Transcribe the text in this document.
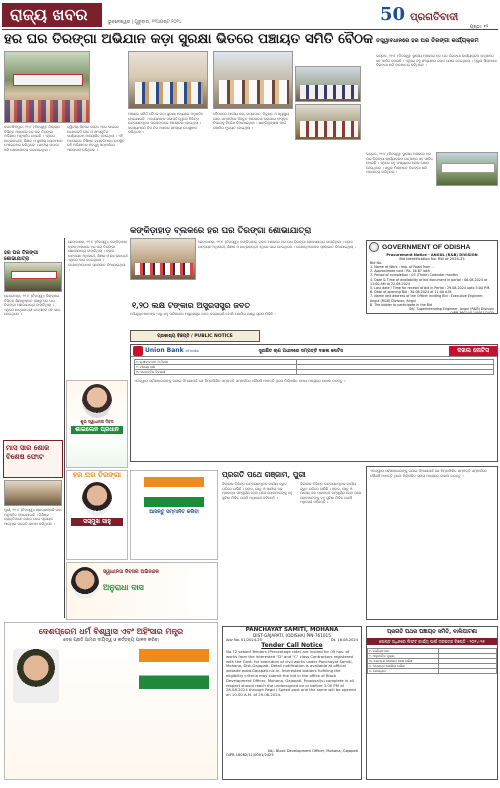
ରାଜ୍ୟ ଖବର	ଭୁବନେଶ୍ୱର | ଗୁରୁବାର, ୨୨ଅଗଷ୍ଟ ୨୦୨୪	50 ପ୍ରଗତିବାଦୀ
ପୃଷ୍ଠା: ୧୨
ହର ଘର ତିରଙ୍ଗା ଅଭିଯାନ କଡ଼ା ସୁରକ୍ଷା ଭିତରେ ପଞ୍ଚାୟତ ସମିତି ବୈଠକ
ଜଗତସିଂହପୁର, ୨୧।୮ (ନିଜସ୍ୱ): ଜିଲ୍ଲାର ବିଭିନ୍ନ ଅଞ୍ଚଳରେ ହର ଘର ତିରଙ୍ଗା ଅଭିଯାନ ଅନୁଷ୍ଠିତ ହୋଇଛି । ଏଥିରେ ଛାତ୍ରଛାତ୍ରୀ, ଶିକ୍ଷକ ଓ ସ୍ଥାନୀୟ ଲୋକମାନେ ଅଂଶଗ୍ରହଣ କରିଥିଲେ । ଜାତୀୟ ପତାକା ଧରି ଶୋଭାଯାତ୍ରା କରାଯାଇଥିଲା ।
ଦ୍ୱିତୀୟ ଦିନରେ ଭାରତ ମାତା ଭାଗରେ ଦେଶଭକ୍ତି ଗୀତ ଓ ସାଂସ୍କୃତିକ କାର୍ଯ୍ୟକ୍ରମ ଆୟୋଜିତ ହୋଇଥିଲା । ଏହି ଅବସରରେ ବିଶିଷ୍ଟ ବ୍ୟକ୍ତିମାନେ ଉପସ୍ଥିତ ରହି ଅଭିଯାନର ମହତ୍ତ୍ୱ ସମ୍ପର୍କରେ ଆଲୋଚନା କରିଥିଲେ ।
ପଞ୍ଚାୟତ ସମିତି ବୈଠକ କଡ଼ା ସୁରକ୍ଷା ମଧ୍ୟରେ ଅନୁଷ୍ଠିତ ହୋଇଯାଇଛି । ଅଧ୍ୟକ୍ଷଙ୍କ ସଭାପତିତ୍ୱରେ ବିଭିନ୍ନ ଉନ୍ନୟନମୂଳକ ପ୍ରସଙ୍ଗରେ ଆଲୋଚନା ହୋଇଥିଲା । ସଦସ୍ୟମାନେ ନିଜ ନିଜ ଅଞ୍ଚଳର ସମସ୍ୟା ଉପସ୍ଥାପନ କରିଥିଲେ ।
ବୈଠକରେ ପାନୀୟ ଜଳ, ରାସ୍ତାଘାଟ, ବିଦ୍ୟୁତ ଓ ସ୍ୱାସ୍ଥ୍ୟ ସେବା ସମ୍ପର୍କରେ ବିସ୍ତୃତ ଆଲୋଚନା କରାଯାଇ ସଂପୃକ୍ତ ବିଭାଗକୁ ନିର୍ଦ୍ଦେଶ ଦିଆଯାଇଥିଲା । ଶାନ୍ତିଶୃଙ୍ଖଳା ପାଇଁ ପୋଲିସ ମୁତୟନ ହୋଇଥିଲା ।
ତତ୍ତ୍ୱାବଧାନରେ ହର ଘର ତିରଙ୍ଗା କାର୍ଯ୍ୟକ୍ରମ
ଭଦ୍ରକ, ୨୧।୮ (ନିଜସ୍ୱ): ସ୍ଥାନୀୟ ଅଞ୍ଚଳରେ ହର ଘର ତିରଙ୍ଗା କାର୍ଯ୍ୟକ୍ରମ ଉତ୍ସାହର ସହ ପାଳିତ ହୋଇଛି । ଏଥିରେ ବହୁ ସଂଖ୍ୟାରେ ଲୋକ ଯୋଗ ଦେଇଥିଲେ । ସ୍କୁଲ ପିଲାମାନେ ତିରଙ୍ଗା ଧରି ପଦଯାତ୍ରା କରିଥିଲେ ।
ଭଦ୍ରକ, ୨୧।୮ (ନିଜସ୍ୱ): ସ୍ଥାନୀୟ ଅଞ୍ଚଳରେ ହର ଘର ତିରଙ୍ଗା କାର୍ଯ୍ୟକ୍ରମ ଉତ୍ସାହର ସହ ପାଳିତ ହୋଇଛି । ଏଥିରେ ବହୁ ସଂଖ୍ୟାରେ ଲୋକ ଯୋଗ ଦେଇଥିଲେ । ସ୍କୁଲ ପିଲାମାନେ ତିରଙ୍ଗା ଧରି ପଦଯାତ୍ରା କରିଥିଲେ ।
GOVERNMENT OF ODISHA
Procurement Notice - ANGUL (R&B) DIVISION
Bid Identification No. RW of 2024-25
Bid No.
1. Name of Work : Imp. of Road from ...
2. Approximate cost : Rs. 16.67 lakh
3. Period of completion : 03 (Three) Calendar months
4. Date & Time of availability of bid document in portal : 08.08.2024 at 11:00 AM to 22.08.2024
5. Last date / Time for receipt of bid in Portal : 29.08.2024 upto 5:00 P.M.
6. Date of opening Bid : 30.08.2024 at 11:00 A.M.
7. Name and address of the Officer Inviting Bid : Executive Engineer, Angul (R&B) Division, Angul
8. The bidder to participate in the Bid
Sd/- Superintending Engineer, Angul (R&B) Division
OIPR-36024/11/0001/2425
ହର ଘର ତିରଙ୍ଗା ଶୋଭାଯାତ୍ରା
କେନ୍ଦ୍ରାପଡ଼ା, ୨୧।୮ (ନିଜସ୍ୱ): ଜିଲ୍ଲାରେ ବିଭିନ୍ନ ଶିକ୍ଷାନୁଷ୍ଠାନ ପକ୍ଷରୁ ହର ଘର ତିରଙ୍ଗା ଶୋଭାଯାତ୍ରା ବାହାରିଥିଲା । ଏଥିରେ ଛାତ୍ରଛାତ୍ରୀ ଉତ୍ସାହର ସହ ଭାଗ ନେଇଥିଲେ ।
ମାସ ସାର ଶୋକ ବିଶେଷ ଫୋଟ
ପୁରୀ, ୨୧।୮ (ନିଜସ୍ୱ): ଶ୍ରଦ୍ଧାଞ୍ଜଳି ସଭା ଅନୁଷ୍ଠିତ ହୋଇଯାଇଛି । ବିଶିଷ୍ଟ ବ୍ୟକ୍ତିମାନେ ଯୋଗ ଦେଇ ପ୍ରୟାତ ଆତ୍ମାର ସଦଗତି କାମନା କରିଥିଲେ ।
କଙ୍କିଡ଼ାହାଡ଼ ବ୍ଲକରେ ହର ଘର ତିରଙ୍ଗା ଶୋଭାଯାତ୍ରା
ଢେଙ୍କାନାଳ, ୨୧।୮ (ନିଜସ୍ୱ): କଙ୍କିଡ଼ାହାଡ଼ ବ୍ଲକ ଅଞ୍ଚଳରେ ହର ଘର ତିରଙ୍ଗା ଶୋଭାଯାତ୍ରା ବାହାରିଥିଲା । ବ୍ଲକ ଉନ୍ନୟନ ଅଧିକାରୀ, ଶିକ୍ଷକ ଓ ଛାତ୍ରଛାତ୍ରୀ ଏଥିରେ ଭାଗ ନେଇଥିଲେ । ଦେଶାତ୍ମବୋଧକ ସ୍ଲୋଗାନ ଦିଆଯାଇଥିଲା ।
ଢେଙ୍କାନାଳ, ୨୧।୮ (ନିଜସ୍ୱ): କଙ୍କିଡ଼ାହାଡ଼ ବ୍ଲକ ଅଞ୍ଚଳରେ ହର ଘର ତିରଙ୍ଗା ଶୋଭାଯାତ୍ରା ବାହାରିଥିଲା । ବ୍ଲକ ଉନ୍ନୟନ ଅଧିକାରୀ, ଶିକ୍ଷକ ଓ ଛାତ୍ରଛାତ୍ରୀ ଏଥିରେ ଭାଗ ନେଇଥିଲେ । ଦେଶାତ୍ମବୋଧକ ସ୍ଲୋଗାନ ଦିଆଯାଇଥିଲା ।
୧,୨୦ ଲକ୍ଷ ଟଙ୍କାର ଅସ୍ତ୍ରସସ୍ତ୍ର ଜବତ
ଅଭିଯୁକ୍ତମାନଙ୍କ ଠାରୁ ବହୁ ପରିମାଣର ଅସ୍ତ୍ରସସ୍ତ୍ର ଜବତ କରାଯାଇଛି ବୋଲି ପୋଲିସ ପକ୍ଷରୁ ସୂଚନା ମିଳିଛି ।
Union Bank of India	ସୁରକ୍ଷିତ ଋଣ ଅଧୀନରେ ସମ୍ପତ୍ତି ଦଖଲ ନୋଟିସ	ଦଖଲ ନୋଟିସ
୧. ଋଣୀଙ୍କ ନାମ ଓ ଠିକଣା	
୨. ବକେୟା ରାଶି	
୩. ସମ୍ପତ୍ତିର ବିବରଣୀ	
ଏତଦ୍ୱାରା ସର୍ବସାଧାରଣଙ୍କୁ ଜଣାଇ ଦିଆଯାଉଛି ଯେ ନିମ୍ନଲିଖିତ ସମ୍ପତ୍ତି ସମ୍ପର୍କରେ କୌଣସି ଆପତ୍ତି ଥିଲେ ନିର୍ଦ୍ଧାରିତ ସମୟ ମଧ୍ୟରେ ଦାଖଲ କରନ୍ତୁ ।
ପ୍ରକାଶ୍ୟ ବିଜ୍ଞପ୍ତି / PUBLIC NOTICE
ଶୁଭ ସ୍ୱାଧୀନତା ଦିବସ
ଶାଇଲେନ ପ୍ରଧାନ
ହର ଘର ତିରଙ୍ଗା
ସସ୍ମୁଖ ସାହୁ
ଆସନ୍ତୁ ସମ୍ମାନିତ କରିବା
ସ୍ୱାଧୀନତା ଦିବସର ଅଭିନନ୍ଦନ
ଅନୁରାଧା ଦାସ
ପ୍ରଗତି ପଥେ ଗଞ୍ଜାମ, ପୁରୀ
ଜିଲ୍ଲାର ବିଭିନ୍ନ ଉନ୍ନୟନମୂଳକ କାର୍ଯ୍ୟ ଦ୍ରୁତ ଗତିରେ ଚାଲିଛି । ସଡ଼କ, ସେତୁ ଓ ପାନୀୟ ଜଳ ପ୍ରକଳ୍ପ ସମ୍ପୂର୍ଣ୍ଣ ହେବା ପରେ ଲୋକମାନଙ୍କୁ ବହୁ ସୁବିଧା ମିଳିବ ବୋଲି ଅଧିକାରୀ କହିଛନ୍ତି ।
ଜିଲ୍ଲାର ବିଭିନ୍ନ ଉନ୍ନୟନମୂଳକ କାର୍ଯ୍ୟ ଦ୍ରୁତ ଗତିରେ ଚାଲିଛି । ସଡ଼କ, ସେତୁ ଓ ପାନୀୟ ଜଳ ପ୍ରକଳ୍ପ ସମ୍ପୂର୍ଣ୍ଣ ହେବା ପରେ ଲୋକମାନଙ୍କୁ ବହୁ ସୁବିଧା ମିଳିବ ବୋଲି ଅଧିକାରୀ କହିଛନ୍ତି ।
ଏତଦ୍ୱାରା ସର୍ବସାଧାରଣଙ୍କୁ ଜଣାଇ ଦିଆଯାଉଛି ଯେ ନିମ୍ନଲିଖିତ ସମ୍ପତ୍ତି ସମ୍ପର୍କରେ କୌଣସି ଆପତ୍ତି ଥିଲେ ନିର୍ଦ୍ଧାରିତ ସମୟ ମଧ୍ୟରେ ଦାଖଲ କରନ୍ତୁ ।
ଦେଶପ୍ରେମ ଧର୍ମ ବିଶ୍ୱାସ ଏବଂ ଅହିଂସାର ମନ୍ତ୍ର
ଦେଶ ପ୍ରତି ଆମର ଦାୟିତ୍ୱ ଓ କର୍ତ୍ତବ୍ୟ ପାଳନ କରିବା
PANCHAYAT SAMITI, MOHANA
DIST-GAJAPATI, (ODISHA) PIN-761015
Adv No. 01/2024-25	Dt. 16.08.2024
Tender Call Notice
No.72 sealed Tenders (Percentage rate) are invited for 09 nos. of works from the interested "D" and "C" class Contractors registered with the Govt. for execution of civil works under Panchayat Samiti, Mohana, Dist-Gajapati. Detail notification is available at official website www.Gajapati.nic.in. Interested bidders fulfilling the eligibility criteria may submit the bid in the office of Block Development Officer, Mohana, Gajapati. Proposal(s) complete in all respect should reach the undersigned on or before 3.00 PM of 28.08.2024 through Regd / Speed post and the same will be opened on 10.00 A.M. of 29.08.2024.
Sd/- Block Development Officer, Mohana, Gajapati
OIPR-18082/11/0001/2425
ପ୍ରଗତି ପଥର ପଞ୍ଚାୟତ ସମିତି, ବାଲିପାଟଣା
ପୋଷ୍ଟ ଅଧିନରେ ଲିଫ୍ଟ କାର୍ଯ୍ୟ ପାଇଁ ଦରପତ୍ର ବିଜ୍ଞପ୍ତି - ୨୦୨୪-୨୫
୧. କାର୍ଯ୍ୟର ନାମ	
୨. ଆନୁମାନିକ ମୂଲ୍ୟ	
୩. ଦରପତ୍ର ଦାଖଲର ଶେଷ ତାରିଖ	
୪. ଦରପତ୍ର ଖୋଲିବା ତାରିଖ	
୫. ଯୋଗ୍ୟତା	
